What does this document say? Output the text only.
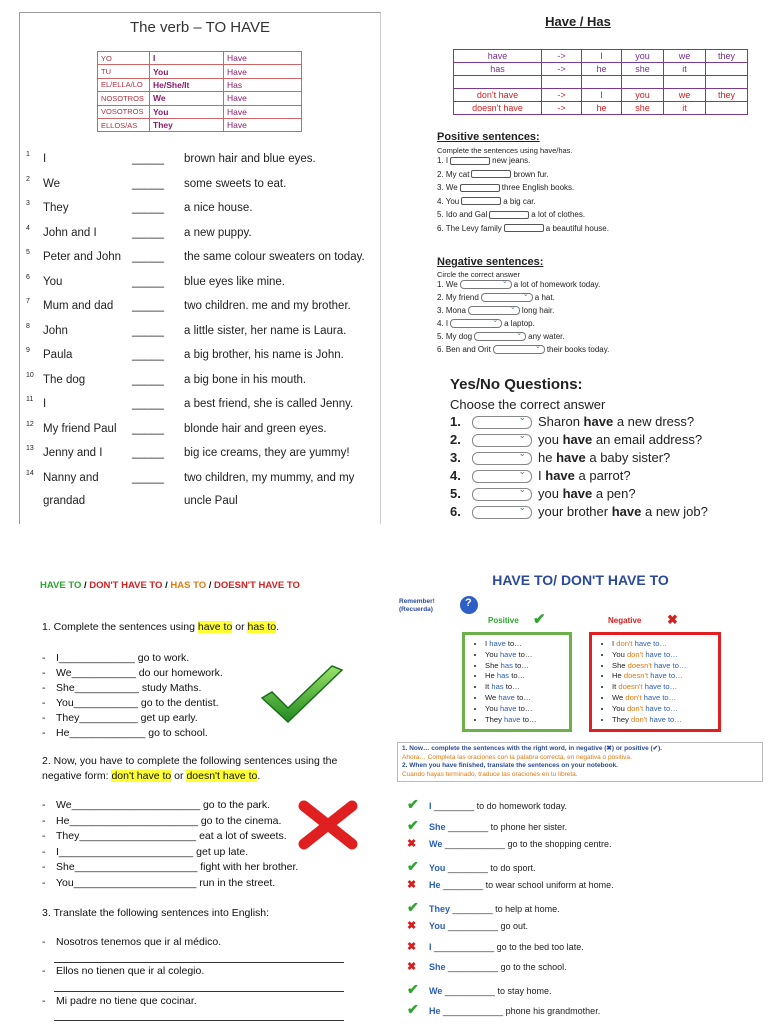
The verb – TO HAVE
YO	I	Have
TU	You	Have
EL/ELLA/LO	He/She/It	Has
NOSOTROS	We	Have
VOSOTROS	You	Have
ELLOS/AS	They	Have
1 I	_____ brown hair and blue eyes.
2 We	_____ some sweets to eat.
3 They	_____ a nice house.
4 John and I	_____ a new puppy.
5 Peter and John _____ the same colour sweaters on today.
6 You	_____ blue eyes like mine.
7 Mum and dad _____ two children. me and my brother.
8 John	_____ a little sister, her name is Laura.
9 Paula	_____ a big brother, his name is John.
10 The dog	_____ a big bone in his mouth.
11 I	_____ a best friend, she is called Jenny.
12 My friend Paul _____ blonde hair and green eyes.
13 Jenny and I	_____ big ice creams, they are yummy!
14 Nanny and	_____ two children, my mummy, and my
grandad	uncle Paul
Have / Has
have	->	I	you	we	they
has	->	he	she	it	

don't have	->	I	you	we	they
doesn't have	->	he	she	it	
Positive sentences:
Complete the sentences using have/has.
1. I	new jeans.
2. My cat	brown fur.
3. We	three English books.
4. You	a big car.
5. Ido and Gal	a lot of clothes.
6. The Levy family	a beautiful house.
Negative sentences:
Circle the correct answer
1. We ⌄	a lot of homework today.
2. My friend ⌄	a hat.
3. Mona ⌄	long hair.
4. I ⌄	a laptop.
5. My dog ⌄	any water.
6. Ben and Orit ⌄	their books today.
Yes/No Questions:
Choose the correct answer
1. ⌄	Sharon have a new dress?
2. ⌄	you have an email address?
3. ⌄	he have a baby sister?
4. ⌄	I have a parrot?
5. ⌄	you have a pen?
6. ⌄	your brother have a new job?
HAVE TO / DON'T HAVE TO / HAS TO / DOESN'T HAVE TO
1. Complete the sentences using have to or has to.
- I_____________ go to work.
- We___________ do our homework.
- She___________ study Maths.
- You___________ go to the dentist.
- They__________ get up early.
- He_____________ go to school.
2. Now, you have to complete the following sentences using the negative form: don't have to or doesn't have to.
- We______________________ go to the park.
- He______________________ go to the cinema.
- They____________________ eat a lot of sweets.
- I_______________________ get up late.
- She_____________________ fight with her brother.
- You_____________________ run in the street.
3. Translate the following sentences into English:
- Nosotros tenemos que ir al médico.
- Ellos no tienen que ir al colegio.
- Mi padre no tiene que cocinar.
HAVE TO/ DON'T HAVE TO
Remember!
(Recuerda)
?
Positive ✔	Negative ✖
• I have to…
• You have to…
• She has to…
• He has to…
• It has to…
• We have to…
• You have to…
• They have to…
• I don't have to…
• You don't have to…
• She doesn't have to…
• He doesn't have to…
• It doesn't have to…
• We don't have to…
• You don't have to…
• They don't have to…
1. Now… complete the sentences with the right word, in negative (✖) or positive (✔).
Ahora… Completa las oraciones con la palabra correcta, en negativa o positiva.
2. When you have finished, translate the sentences on your notebook.
Cuando hayas terminado, traduce las oraciones en tu libreta.
✔ I ________ to do homework today.
✔ She ________ to phone her sister.
✖ We ____________ go to the shopping centre.
✔ You ________ to do sport.
✖ He ________ to wear school uniform at home.
✔ They ________ to help at home.
✖ You __________ go out.
✖ I ____________ go to the bed too late.
✖ She __________ go to the school.
✔ We __________ to stay home.
✔ He ____________ phone his grandmother.
